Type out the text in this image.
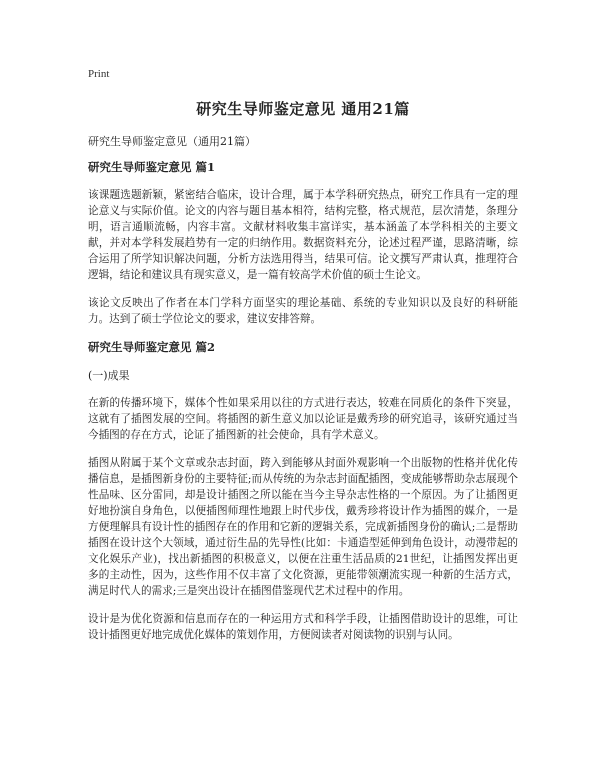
Print
研究生导师鉴定意见 通用21篇

研究生导师鉴定意见（通用21篇）

研究生导师鉴定意见 篇1

该课题选题新颖，紧密结合临床，设计合理，属于本学科研究热点，研究工作具有一定的理论意义与实际价值。论文的内容与题目基本相符，结构完整，格式规范，层次清楚，条理分明，语言通顺流畅，内容丰富。文献材料收集丰富详实，基本涵盖了本学科相关的主要文献，并对本学科发展趋势有一定的归纳作用。数据资料充分，论述过程严谨，思路清晰，综合运用了所学知识解决问题，分析方法选用得当，结果可信。论文撰写严肃认真，推理符合逻辑，结论和建议具有现实意义，是一篇有较高学术价值的硕士生论文。

该论文反映出了作者在本门学科方面坚实的理论基础、系统的专业知识以及良好的科研能力。达到了硕士学位论文的要求，建议安排答辩。

研究生导师鉴定意见 篇2

(一)成果

在新的传播环境下，媒体个性如果采用以往的方式进行表达，较难在同质化的条件下突显，这就有了插图发展的空间。将插图的新生意义加以论证是戴秀珍的研究追寻，该研究通过当今插图的存在方式，论证了插图新的社会使命，具有学术意义。

插图从附属于某个文章或杂志封面，跨入到能够从封面外观影响一个出版物的性格并优化传播信息，是插图新身份的主要特征;而从传统的为杂志封面配插图，变成能够帮助杂志展现个性品味、区分雷同，却是设计插图之所以能在当今主导杂志性格的一个原因。为了让插图更好地扮演自身角色，以便插图师理性地跟上时代步伐，戴秀珍将设计作为插图的媒介，一是方便理解具有设计性的插图存在的作用和它新的逻辑关系，完成新插图身份的确认;二是帮助插图在设计这个大领域，通过衍生品的先导性(比如：卡通造型延伸到角色设计，动漫带起的文化娱乐产业)，找出新插图的积极意义，以便在注重生活品质的21世纪，让插图发挥出更多的主动性，因为，这些作用不仅丰富了文化资源，更能带领潮流实现一种新的生活方式，满足时代人的需求;三是突出设计在插图借鉴现代艺术过程中的作用。

设计是为优化资源和信息而存在的一种运用方式和科学手段，让插图借助设计的思维，可让设计插图更好地完成优化媒体的策划作用，方便阅读者对阅读物的识别与认同。
